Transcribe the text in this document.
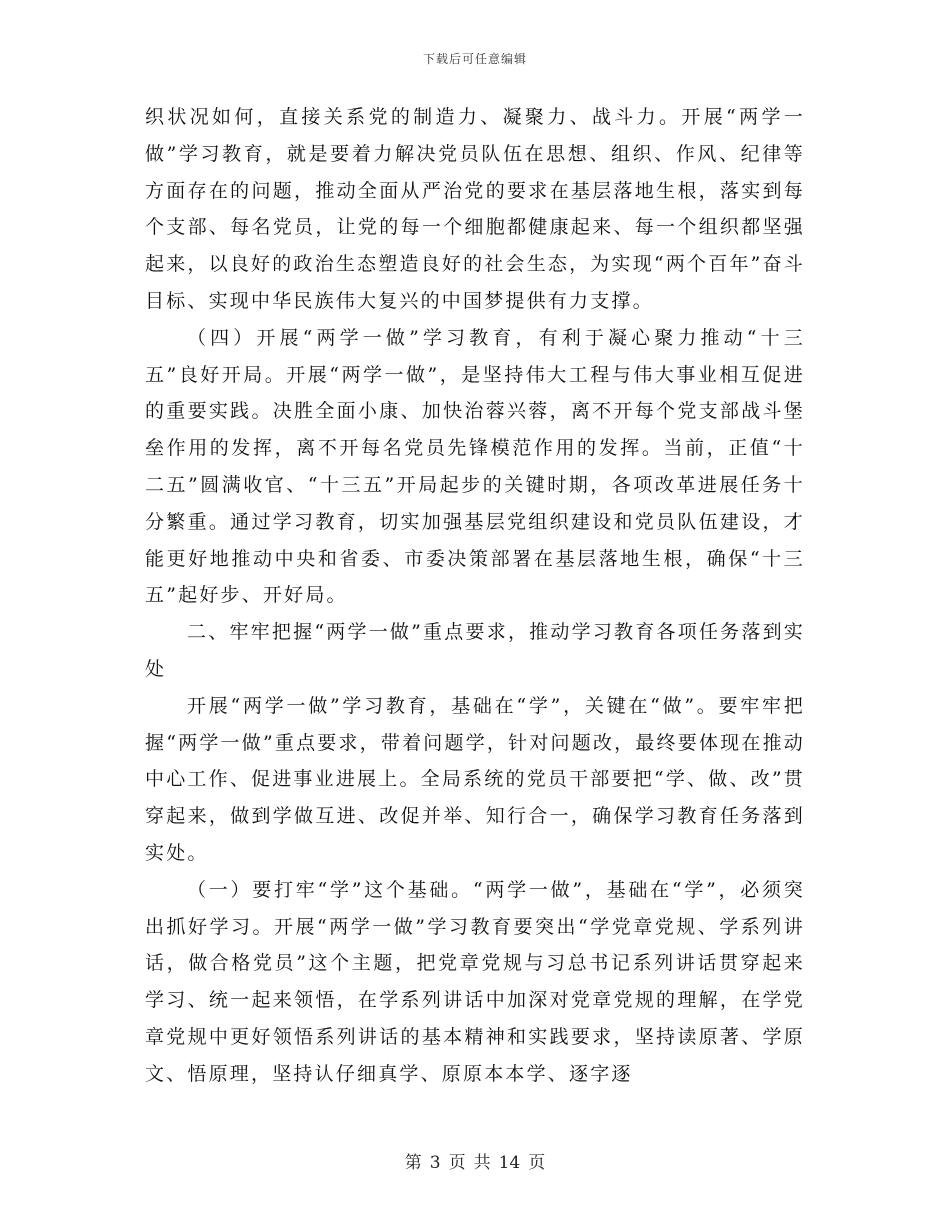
下载后可任意编辑

织状况如何，直接关系党的制造力、凝聚力、战斗力。开展“两学一做”学习教育，就是要着力解决党员队伍在思想、组织、作风、纪律等方面存在的问题，推动全面从严治党的要求在基层落地生根，落实到每个支部、每名党员，让党的每一个细胞都健康起来、每一个组织都坚强起来，以良好的政治生态塑造良好的社会生态，为实现“两个百年”奋斗目标、实现中华民族伟大复兴的中国梦提供有力支撑。

（四）开展“两学一做”学习教育，有利于凝心聚力推动“十三五”良好开局。开展“两学一做”，是坚持伟大工程与伟大事业相互促进的重要实践。决胜全面小康、加快治蓉兴蓉，离不开每个党支部战斗堡垒作用的发挥，离不开每名党员先锋模范作用的发挥。当前，正值“十二五”圆满收官、“十三五”开局起步的关键时期，各项改革进展任务十分繁重。通过学习教育，切实加强基层党组织建设和党员队伍建设，才能更好地推动中央和省委、市委决策部署在基层落地生根，确保“十三五”起好步、开好局。

二、牢牢把握“两学一做”重点要求，推动学习教育各项任务落到实处

开展“两学一做”学习教育，基础在“学”，关键在“做”。要牢牢把握“两学一做”重点要求，带着问题学，针对问题改，最终要体现在推动中心工作、促进事业进展上。全局系统的党员干部要把“学、做、改”贯穿起来，做到学做互进、改促并举、知行合一，确保学习教育任务落到实处。

（一）要打牢“学”这个基础。“两学一做”，基础在“学”，必须突出抓好学习。开展“两学一做”学习教育要突出“学党章党规、学系列讲话，做合格党员”这个主题，把党章党规与习总书记系列讲话贯穿起来学习、统一起来领悟，在学系列讲话中加深对党章党规的理解，在学党章党规中更好领悟系列讲话的基本精神和实践要求，坚持读原著、学原文、悟原理，坚持认仔细真学、原原本本学、逐字逐

第 3 页 共 14 页
